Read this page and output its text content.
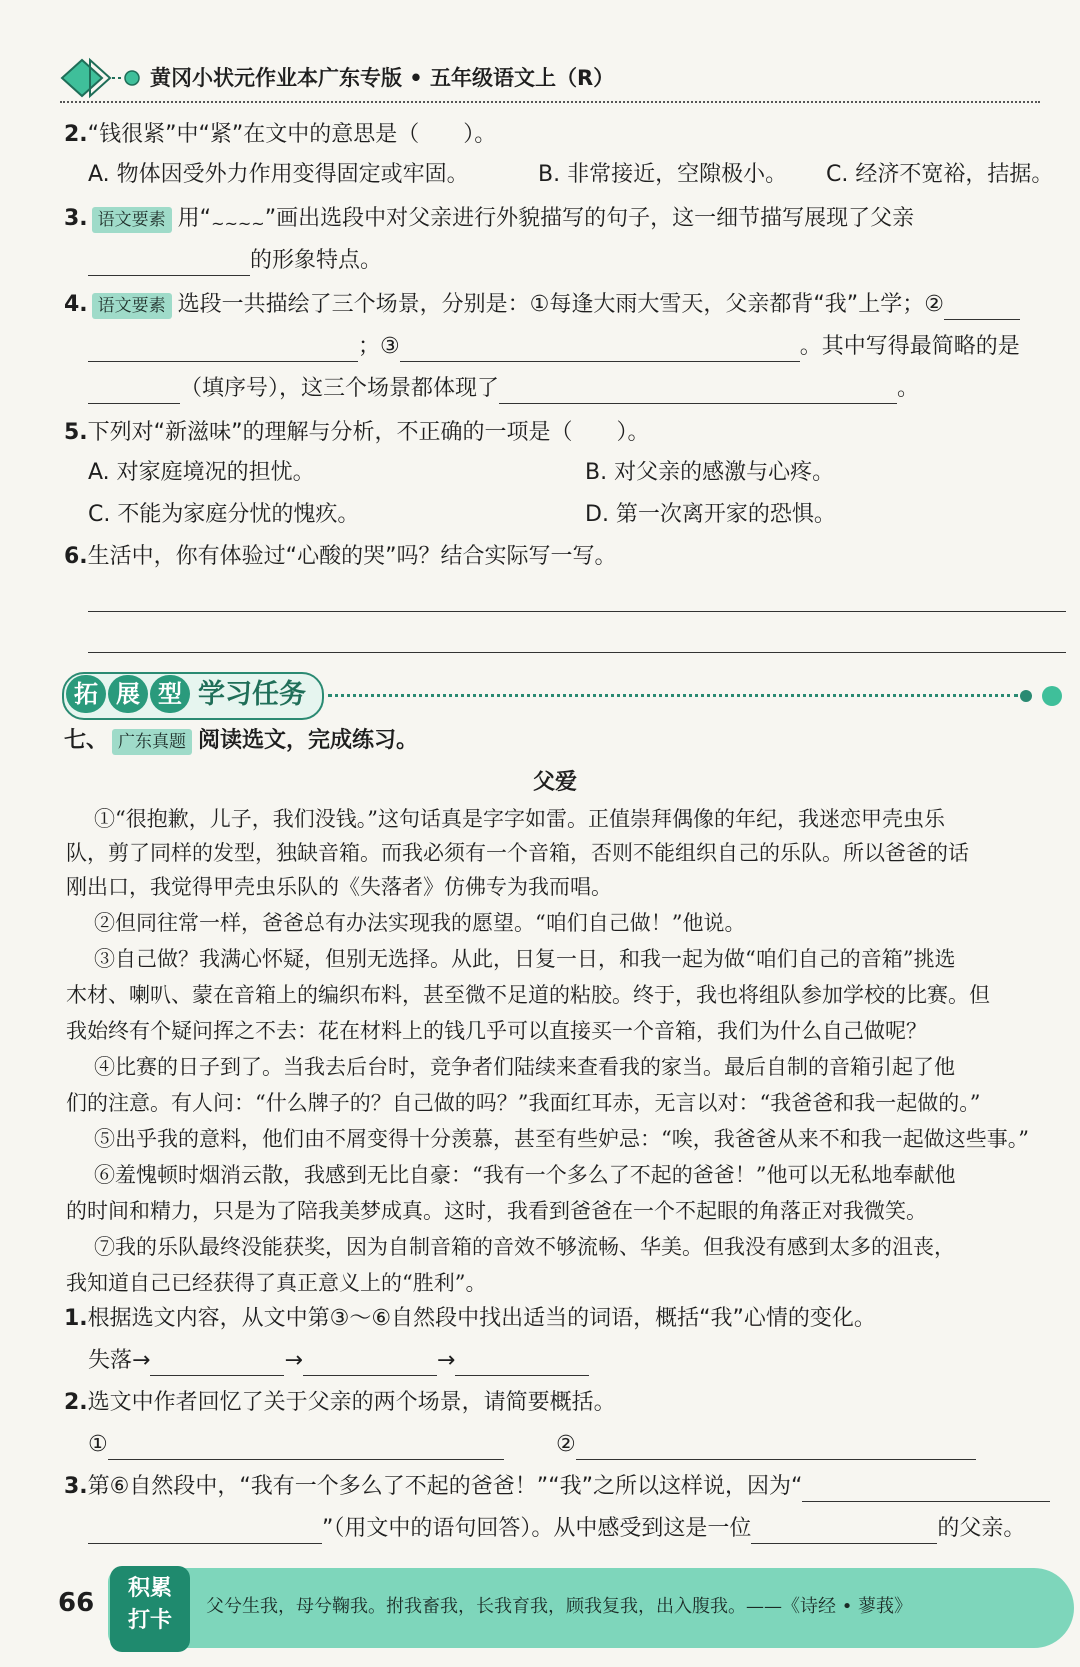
黄冈小状元作业本广东专版 • 五年级语文上（R）
2.“钱很紧”中“紧”在文中的意思是（　　）。
A. 物体因受外力作用变得固定或牢固。	B. 非常接近，空隙极小。 C. 经济不宽裕，拮据。
3. 语文要素 用“~~~~”画出选段中对父亲进行外貌描写的句子，这一细节描写展现了父亲
的形象特点。
4. 语文要素 选段一共描绘了三个场景，分别是：①每逢大雨大雪天，父亲都背“我”上学；②
；③	。其中写得最简略的是
（填序号），这三个场景都体现了	。
5.下列对“新滋味”的理解与分析，不正确的一项是（　　）。
A. 对家庭境况的担忧。	B. 对父亲的感激与心疼。
C. 不能为家庭分忧的愧疚。	D. 第一次离开家的恐惧。
6.生活中，你有体验过“心酸的哭”吗？结合实际写一写。
拓 展 型 学习任务
七、 广东真题 阅读选文，完成练习。
父爱
①“很抱歉，儿子，我们没钱。”这句话真是字字如雷。正值崇拜偶像的年纪，我迷恋甲壳虫乐
队，剪了同样的发型，独缺音箱。而我必须有一个音箱，否则不能组织自己的乐队。所以爸爸的话
刚出口，我觉得甲壳虫乐队的《失落者》仿佛专为我而唱。
②但同往常一样，爸爸总有办法实现我的愿望。“咱们自己做！”他说。
③自己做？我满心怀疑，但别无选择。从此，日复一日，和我一起为做“咱们自己的音箱”挑选
木材、喇叭、蒙在音箱上的编织布料，甚至微不足道的粘胶。终于，我也将组队参加学校的比赛。但
我始终有个疑问挥之不去：花在材料上的钱几乎可以直接买一个音箱，我们为什么自己做呢？
④比赛的日子到了。当我去后台时，竞争者们陆续来查看我的家当。最后自制的音箱引起了他
们的注意。有人问：“什么牌子的？自己做的吗？”我面红耳赤，无言以对：“我爸爸和我一起做的。”
⑤出乎我的意料，他们由不屑变得十分羡慕，甚至有些妒忌：“唉，我爸爸从来不和我一起做这些事。”
⑥羞愧顿时烟消云散，我感到无比自豪：“我有一个多么了不起的爸爸！”他可以无私地奉献他
的时间和精力，只是为了陪我美梦成真。这时，我看到爸爸在一个不起眼的角落正对我微笑。
⑦我的乐队最终没能获奖，因为自制音箱的音效不够流畅、华美。但我没有感到太多的沮丧，
我知道自己已经获得了真正意义上的“胜利”。
1.根据选文内容，从文中第③～⑥自然段中找出适当的词语，概括“我”心情的变化。
失落→	→	→
2.选文中作者回忆了关于父亲的两个场景，请简要概括。
①	②
3.第⑥自然段中，“我有一个多么了不起的爸爸！”“我”之所以这样说，因为“
”（用文中的语句回答）。从中感受到这是一位	的父亲。
66	积累
打卡
父兮生我，母兮鞠我。拊我畜我，长我育我，顾我复我，出入腹我。——《诗经 • 蓼莪》
